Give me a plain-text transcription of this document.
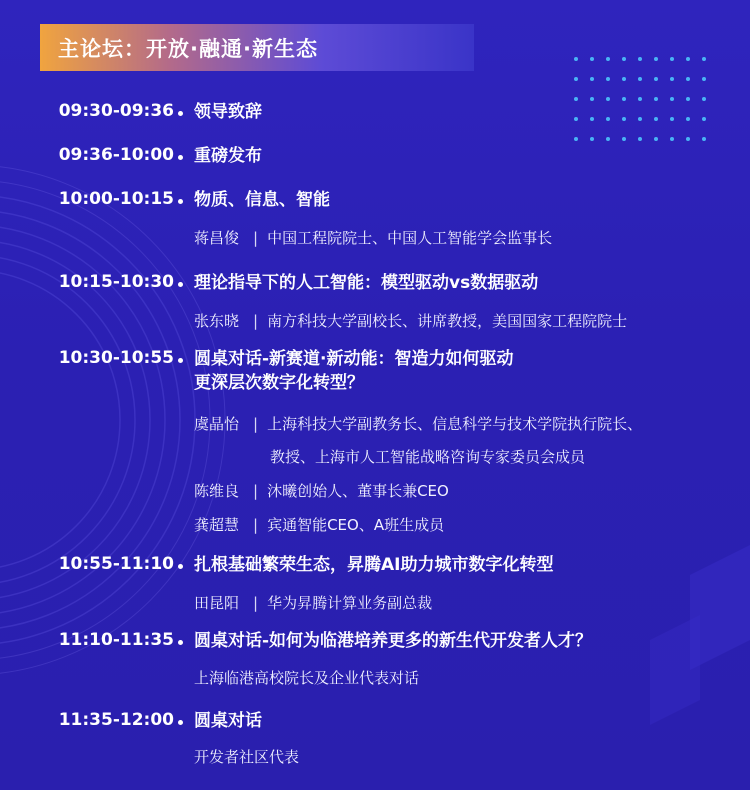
主论坛：开放·融通·新生态
09:30-09:36 领导致辞
09:36-10:00 重磅发布
10:00-10:15 物质、信息、智能
蒋昌俊 | 中国工程院院士、中国人工智能学会监事长
10:15-10:30 理论指导下的人工智能：模型驱动vs数据驱动
张东晓 | 南方科技大学副校长、讲席教授，美国国家工程院院士
10:30-10:55 圆桌对话-新赛道·新动能：智造力如何驱动
更深层次数字化转型？
虞晶怡 | 上海科技大学副教务长、信息科学与技术学院执行院长、
教授、上海市人工智能战略咨询专家委员会成员
陈维良 | 沐曦创始人、董事长兼CEO
龚超慧 | 宾通智能CEO、A班生成员
10:55-11:10 扎根基础繁荣生态，昇腾AI助力城市数字化转型
田昆阳 | 华为昇腾计算业务副总裁
11:10-11:35 圆桌对话-如何为临港培养更多的新生代开发者人才？
上海临港高校院长及企业代表对话
11:35-12:00 圆桌对话
开发者社区代表
